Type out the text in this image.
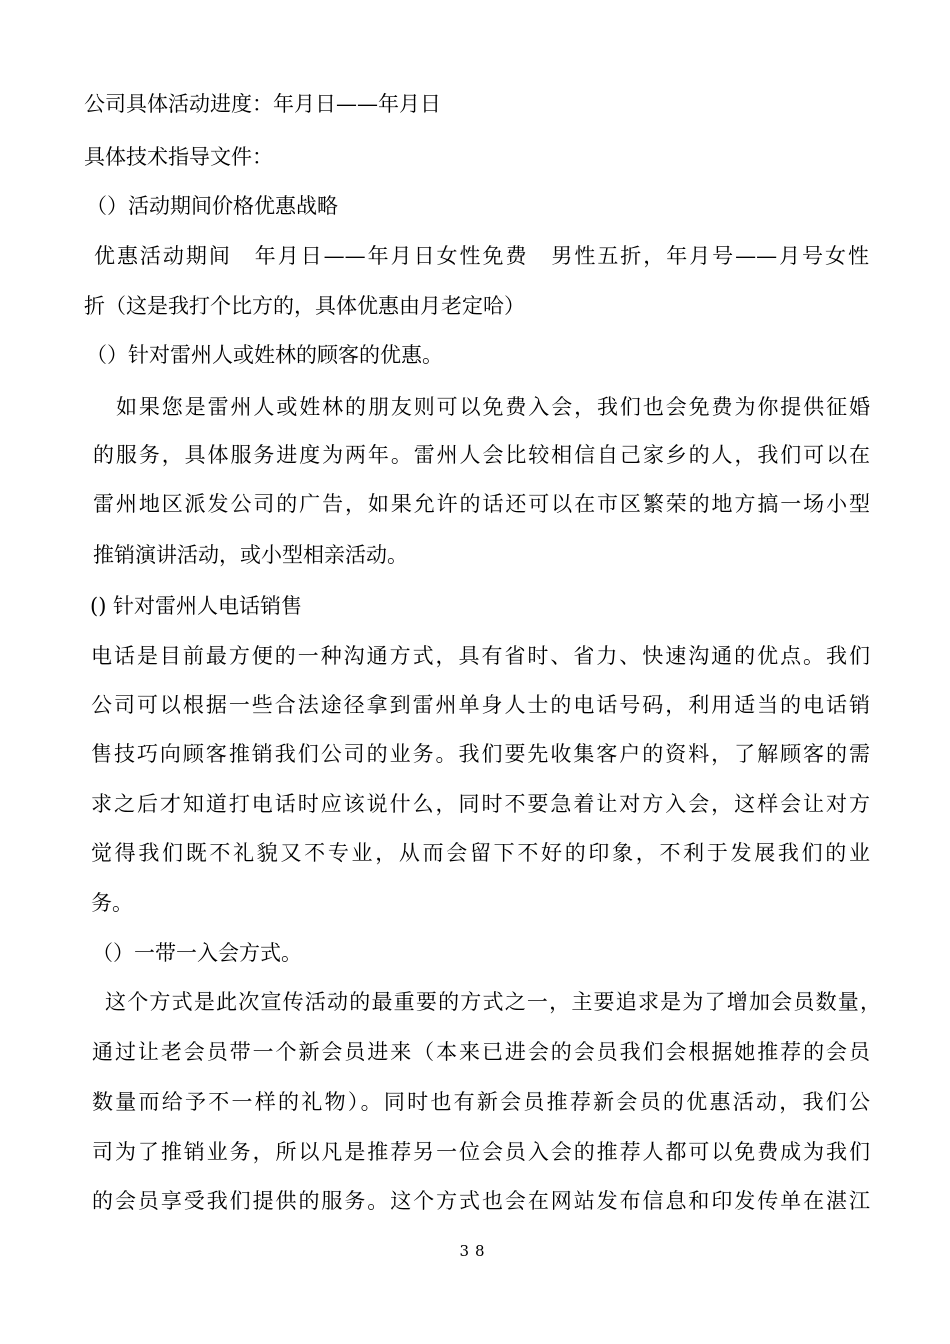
公司具体活动进度：年月日——年月日
具体技术指导文件：
（）活动期间价格优惠战略
优惠活动期间　年月日——年月日女性免费　男性五折，年月号——月号女性
折（这是我打个比方的，具体优惠由月老定哈）
（）针对雷州人或姓林的顾客的优惠。
如果您是雷州人或姓林的朋友则可以免费入会，我们也会免费为你提供征婚
的服务，具体服务进度为两年。雷州人会比较相信自己家乡的人，我们可以在
雷州地区派发公司的广告，如果允许的话还可以在市区繁荣的地方搞一场小型
推销演讲活动，或小型相亲活动。
() 针对雷州人电话销售
电话是目前最方便的一种沟通方式，具有省时、省力、快速沟通的优点。我们
公司可以根据一些合法途径拿到雷州单身人士的电话号码，利用适当的电话销
售技巧向顾客推销我们公司的业务。我们要先收集客户的资料，了解顾客的需
求之后才知道打电话时应该说什么，同时不要急着让对方入会，这样会让对方
觉得我们既不礼貌又不专业，从而会留下不好的印象，不利于发展我们的业
务。
（）一带一入会方式。
这个方式是此次宣传活动的最重要的方式之一，主要追求是为了增加会员数量，
通过让老会员带一个新会员进来（本来已进会的会员我们会根据她推荐的会员
数量而给予不一样的礼物）。同时也有新会员推荐新会员的优惠活动，我们公
司为了推销业务，所以凡是推荐另一位会员入会的推荐人都可以免费成为我们
的会员享受我们提供的服务。这个方式也会在网站发布信息和印发传单在湛江
38
